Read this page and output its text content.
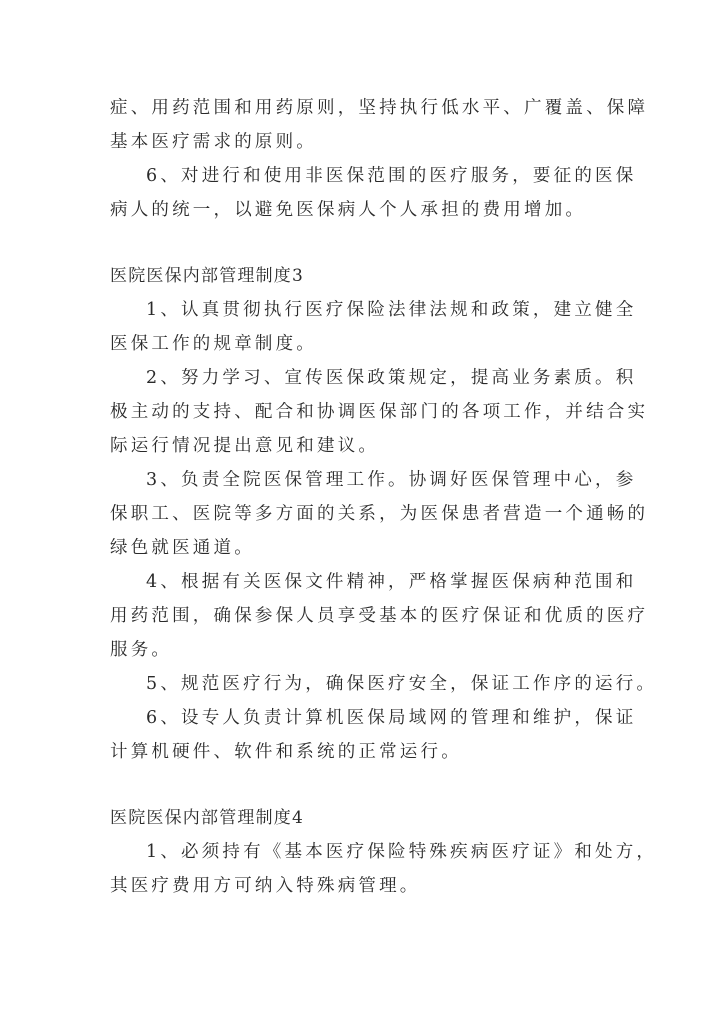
症、用药范围和用药原则，坚持执行低水平、广覆盖、保障
基本医疗需求的原则。
6、对进行和使用非医保范围的医疗服务，要征的医保
病人的统一，以避免医保病人个人承担的费用增加。
医院医保内部管理制度3
1、认真贯彻执行医疗保险法律法规和政策，建立健全
医保工作的规章制度。
2、努力学习、宣传医保政策规定，提高业务素质。积
极主动的支持、配合和协调医保部门的各项工作，并结合实
际运行情况提出意见和建议。
3、负责全院医保管理工作。协调好医保管理中心，参
保职工、医院等多方面的关系，为医保患者营造一个通畅的
绿色就医通道。
4、根据有关医保文件精神，严格掌握医保病种范围和
用药范围，确保参保人员享受基本的医疗保证和优质的医疗
服务。
5、规范医疗行为，确保医疗安全，保证工作序的运行。
6、设专人负责计算机医保局域网的管理和维护，保证
计算机硬件、软件和系统的正常运行。
医院医保内部管理制度4
1、必须持有《基本医疗保险特殊疾病医疗证》和处方，
其医疗费用方可纳入特殊病管理。
